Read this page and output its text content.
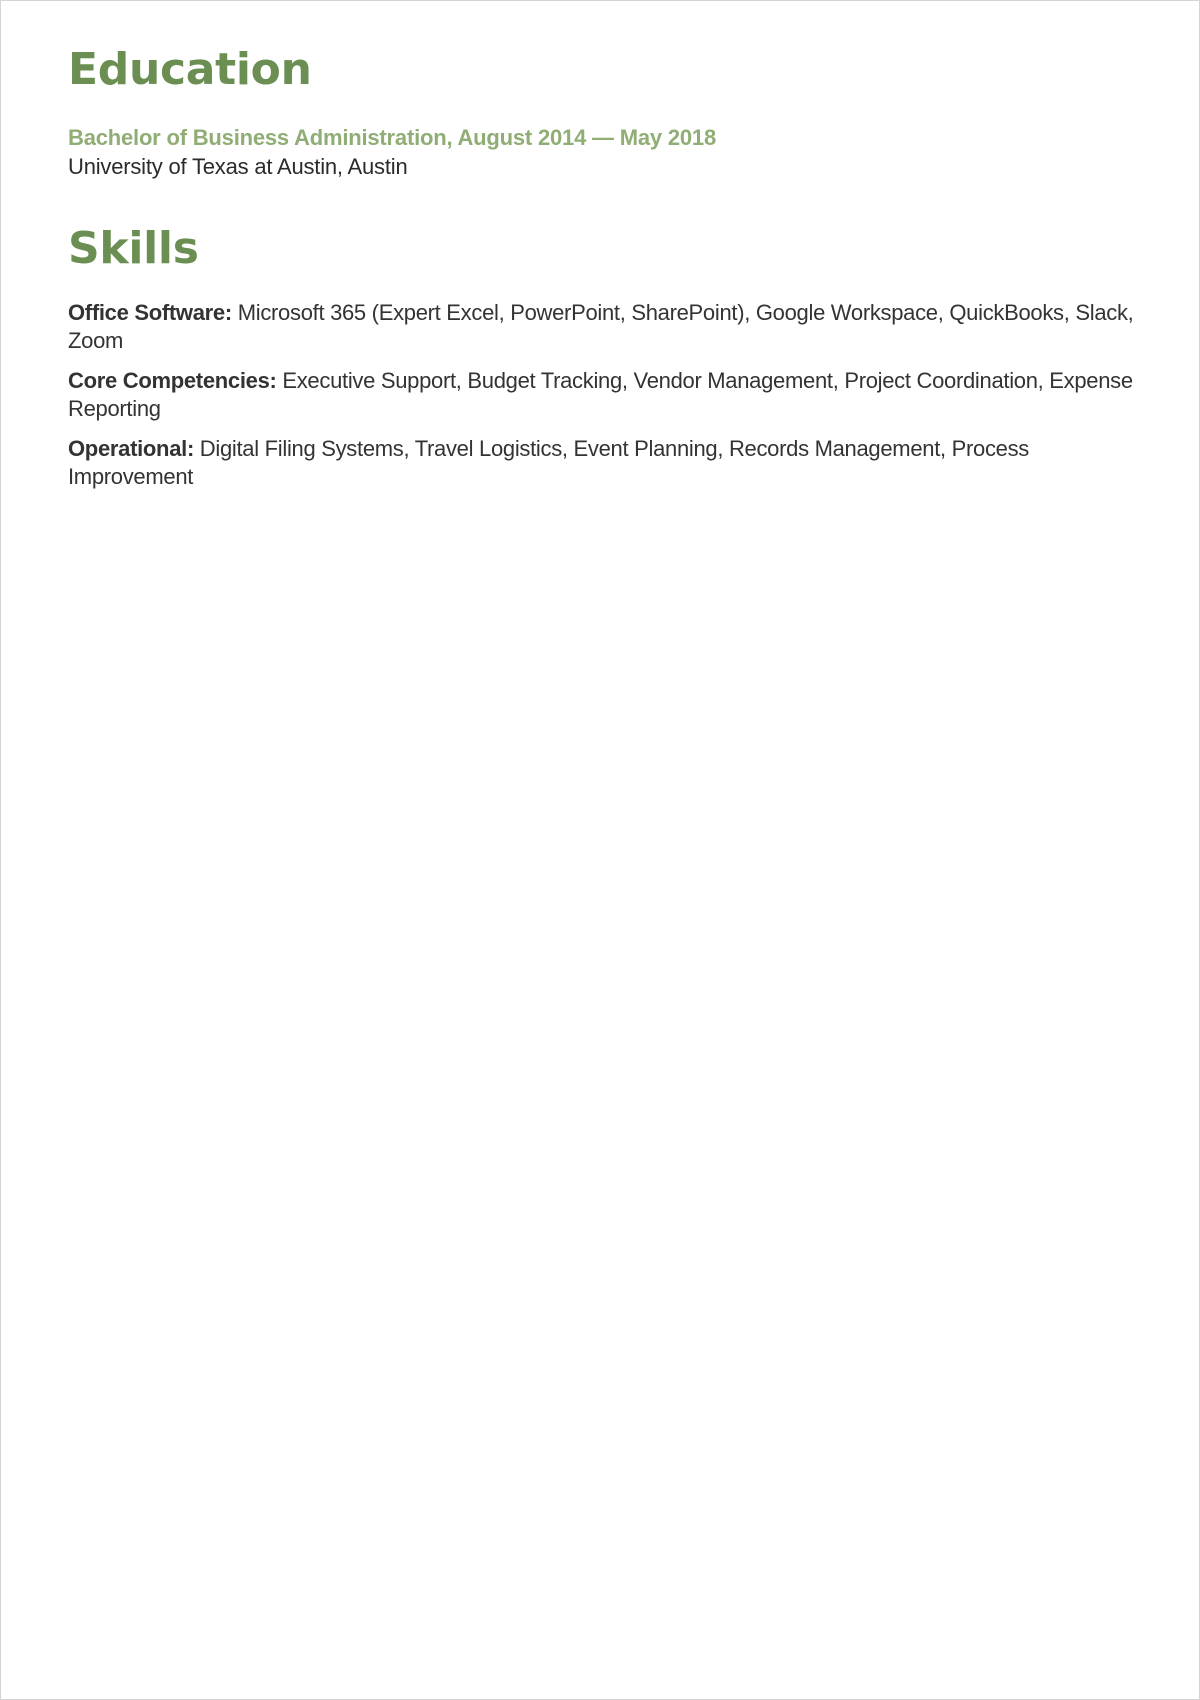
Education
Bachelor of Business Administration, August 2014 — May 2018
University of Texas at Austin, Austin
Skills
Office Software: Microsoft 365 (Expert Excel, PowerPoint, SharePoint), Google Workspace, QuickBooks, Slack, Zoom
Core Competencies: Executive Support, Budget Tracking, Vendor Management, Project Coordination, Expense Reporting
Operational: Digital Filing Systems, Travel Logistics, Event Planning, Records Management, Process Improvement
